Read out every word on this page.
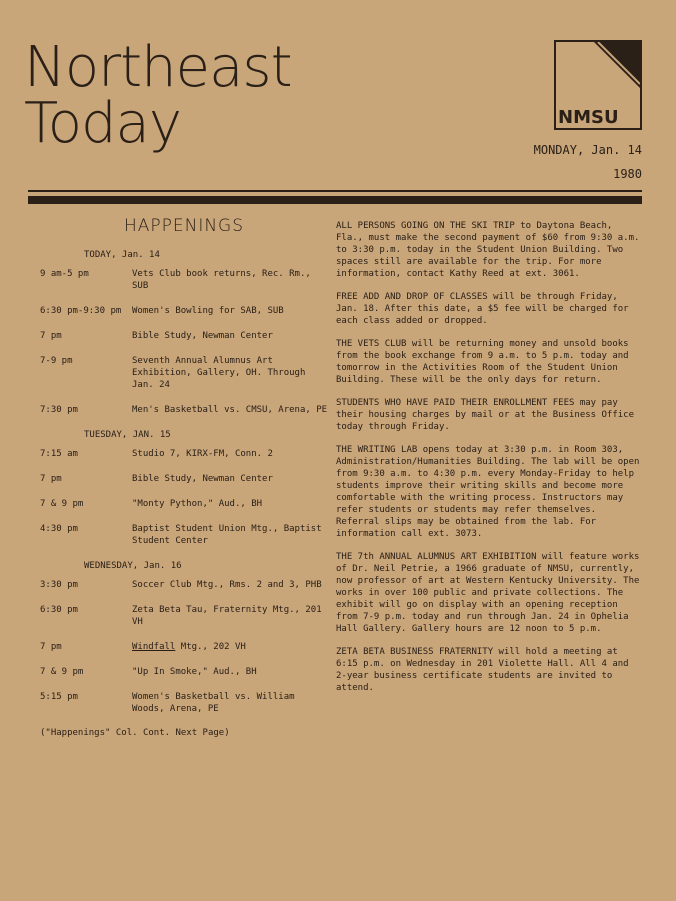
Northeast
Today	NMSU
MONDAY, Jan. 14
1980
HAPPENINGS
TODAY, Jan. 14
9 am-5 pm	Vets Club book returns, Rec. Rm., SUB
6:30 pm-9:30 pm	Women's Bowling for SAB, SUB
7 pm	Bible Study, Newman Center
7-9 pm	Seventh Annual Alumnus Art Exhibition, Gallery, OH. Through Jan. 24
7:30 pm	Men's Basketball vs. CMSU, Arena, PE
TUESDAY, JAN. 15
7:15 am	Studio 7, KIRX-FM, Conn. 2
7 pm	Bible Study, Newman Center
7 & 9 pm	"Monty Python," Aud., BH
4:30 pm	Baptist Student Union Mtg., Baptist Student Center
WEDNESDAY, Jan. 16
3:30 pm	Soccer Club Mtg., Rms. 2 and 3, PHB
6:30 pm	Zeta Beta Tau, Fraternity Mtg., 201 VH
7 pm	Windfall Mtg., 202 VH
7 & 9 pm	"Up In Smoke," Aud., BH
5:15 pm	Women's Basketball vs. William Woods, Arena, PE
("Happenings" Col. Cont. Next Page)

ALL PERSONS GOING ON THE SKI TRIP to Daytona Beach, Fla., must make the second payment of $60 from 9:30 a.m. to 3:30 p.m. today in the Student Union Building. Two spaces still are available for the trip. For more information, contact Kathy Reed at ext. 3061.

FREE ADD AND DROP OF CLASSES will be through Friday, Jan. 18. After this date, a $5 fee will be charged for each class added or dropped.

THE VETS CLUB will be returning money and unsold books from the book exchange from 9 a.m. to 5 p.m. today and tomorrow in the Activities Room of the Student Union Building. These will be the only days for return.

STUDENTS WHO HAVE PAID THEIR ENROLLMENT FEES may pay their housing charges by mail or at the Business Office today through Friday.

THE WRITING LAB opens today at 3:30 p.m. in Room 303, Administration/Humanities Building. The lab will be open from 9:30 a.m. to 4:30 p.m. every Monday-Friday to help students improve their writing skills and become more comfortable with the writing process. Instructors may refer students or students may refer themselves. Referral slips may be obtained from the lab. For information call ext. 3073.

THE 7th ANNUAL ALUMNUS ART EXHIBITION will feature works of Dr. Neil Petrie, a 1966 graduate of NMSU, currently, now professor of art at Western Kentucky University. The works in over 100 public and private collections. The exhibit will go on display with an opening reception from 7-9 p.m. today and run through Jan. 24 in Ophelia Hall Gallery. Gallery hours are 12 noon to 5 p.m.

ZETA BETA BUSINESS FRATERNITY will hold a meeting at 6:15 p.m. on Wednesday in 201 Violette Hall. All 4 and 2-year business certificate students are invited to attend.
